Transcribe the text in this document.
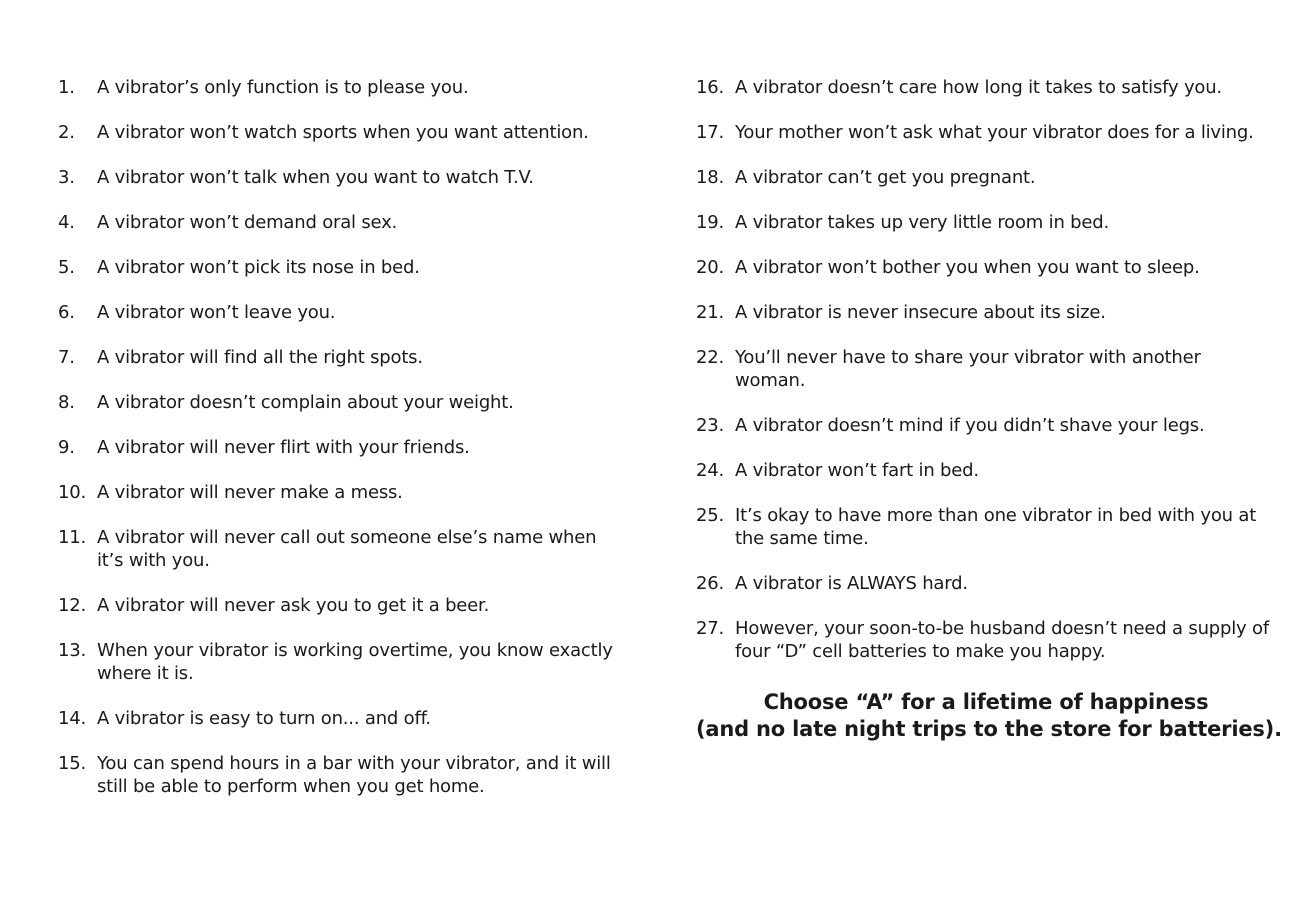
1.	A vibrator’s only function is to please you.
2.	A vibrator won’t watch sports when you want attention.
3.	A vibrator won’t talk when you want to watch T.V.
4.	A vibrator won’t demand oral sex.
5.	A vibrator won’t pick its nose in bed.
6.	A vibrator won’t leave you.
7.	A vibrator will find all the right spots.
8.	A vibrator doesn’t complain about your weight.
9.	A vibrator will never flirt with your friends.
10. A vibrator will never make a mess.
11. A vibrator will never call out someone else’s name when it’s with you.
12. A vibrator will never ask you to get it a beer.
13. When your vibrator is working overtime, you know exactly where it is.
14. A vibrator is easy to turn on... and off.
15. You can spend hours in a bar with your vibrator, and it will still be able to perform when you get home.
16. A vibrator doesn’t care how long it takes to satisfy you.
17. Your mother won’t ask what your vibrator does for a living.
18. A vibrator can’t get you pregnant.
19. A vibrator takes up very little room in bed.
20. A vibrator won’t bother you when you want to sleep.
21. A vibrator is never insecure about its size.
22. You’ll never have to share your vibrator with another woman.
23. A vibrator doesn’t mind if you didn’t shave your legs.
24. A vibrator won’t fart in bed.
25. It’s okay to have more than one vibrator in bed with you at the same time.
26. A vibrator is ALWAYS hard.
27. However, your soon-to-be husband doesn’t need a supply of four “D” cell batteries to make you happy.
Choose “A” for a lifetime of happiness
(and no late night trips to the store for batteries).
